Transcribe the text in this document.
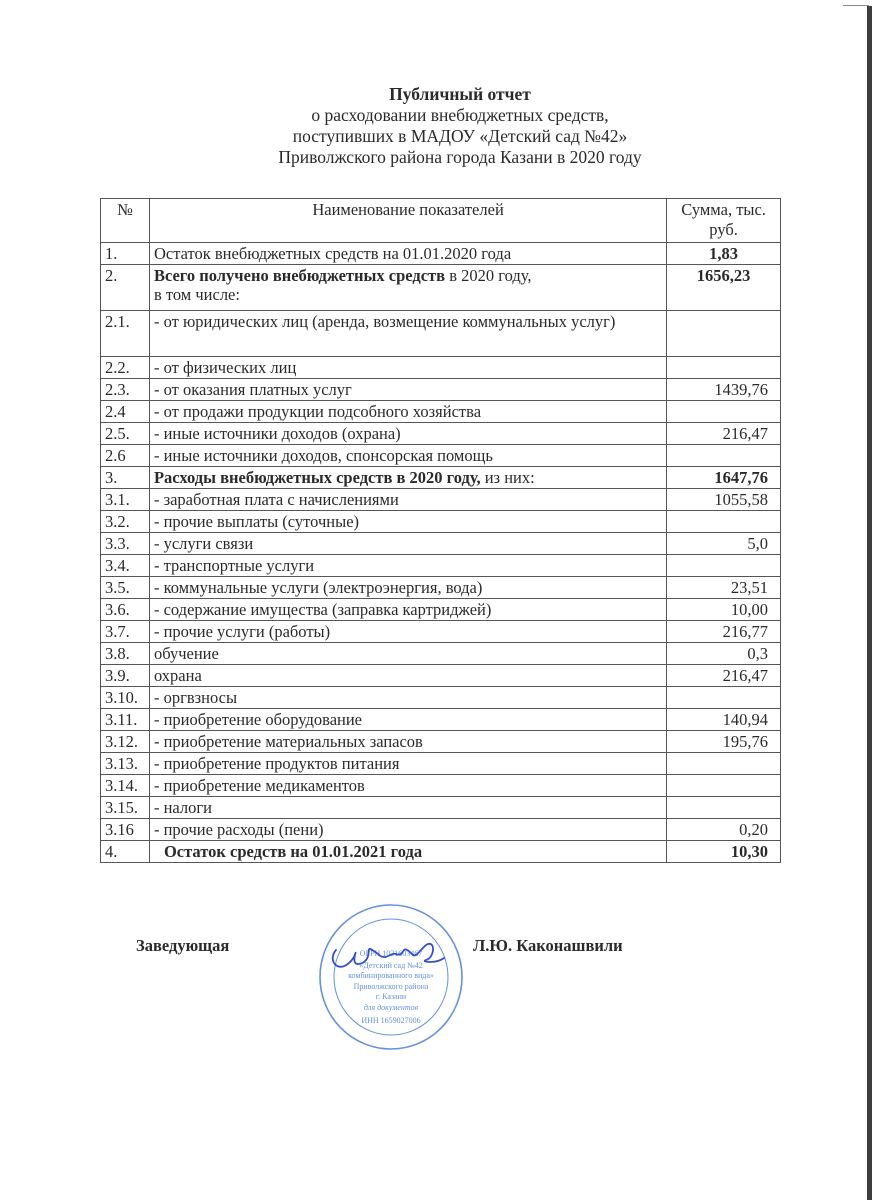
Публичный отчет
о расходовании внебюджетных средств,
поступивших в МАДОУ «Детский сад №42»
Приволжского района города Казани в 2020 году
№	Наименование показателей	Сумма, тыс.
руб.

1.	Остаток внебюджетных средств на 01.01.2020 года	1,83
2.	Всего получено внебюджетных средств в 2020 году,
в том числе:	1656,23
2.1.	- от юридических лиц (аренда, возмещение коммунальных услуг)	
2.2.	- от физических лиц	
2.3.	- от оказания платных услуг	1439,76
2.4	- от продажи продукции подсобного хозяйства	
2.5.	- иные источники доходов (охрана)	216,47
2.6	- иные источники доходов, спонсорская помощь	
3.	Расходы внебюджетных средств в 2020 году, из них:	1647,76
3.1.	- заработная плата с начислениями	1055,58
3.2.	- прочие выплаты (суточные)	
3.3.	- услуги связи	5,0
3.4.	- транспортные услуги	
3.5.	- коммунальные услуги (электроэнергия, вода)	23,51
3.6.	- содержание имущества (заправка картриджей)	10,00
3.7.	- прочие услуги (работы)	216,77
3.8.	обучение	0,3
3.9.	охрана	216,47
3.10.	- оргвзносы	
3.11.	- приобретение оборудование	140,94
3.12.	- приобретение материальных запасов	195,76
3.13.	- приобретение продуктов питания	
3.14.	- приобретение медикаментов	
3.15.	- налоги	
3.16	- прочие расходы (пени)	0,20
4.	Остаток средств на 01.01.2021 года	10,30
Заведующая	Л.Ю. Каконашвили
ОГРН 1021603467
«Детский сад №42
комбинированного вида»
Приволжского района
г. Казани
для документов
ИНН 1659027006
